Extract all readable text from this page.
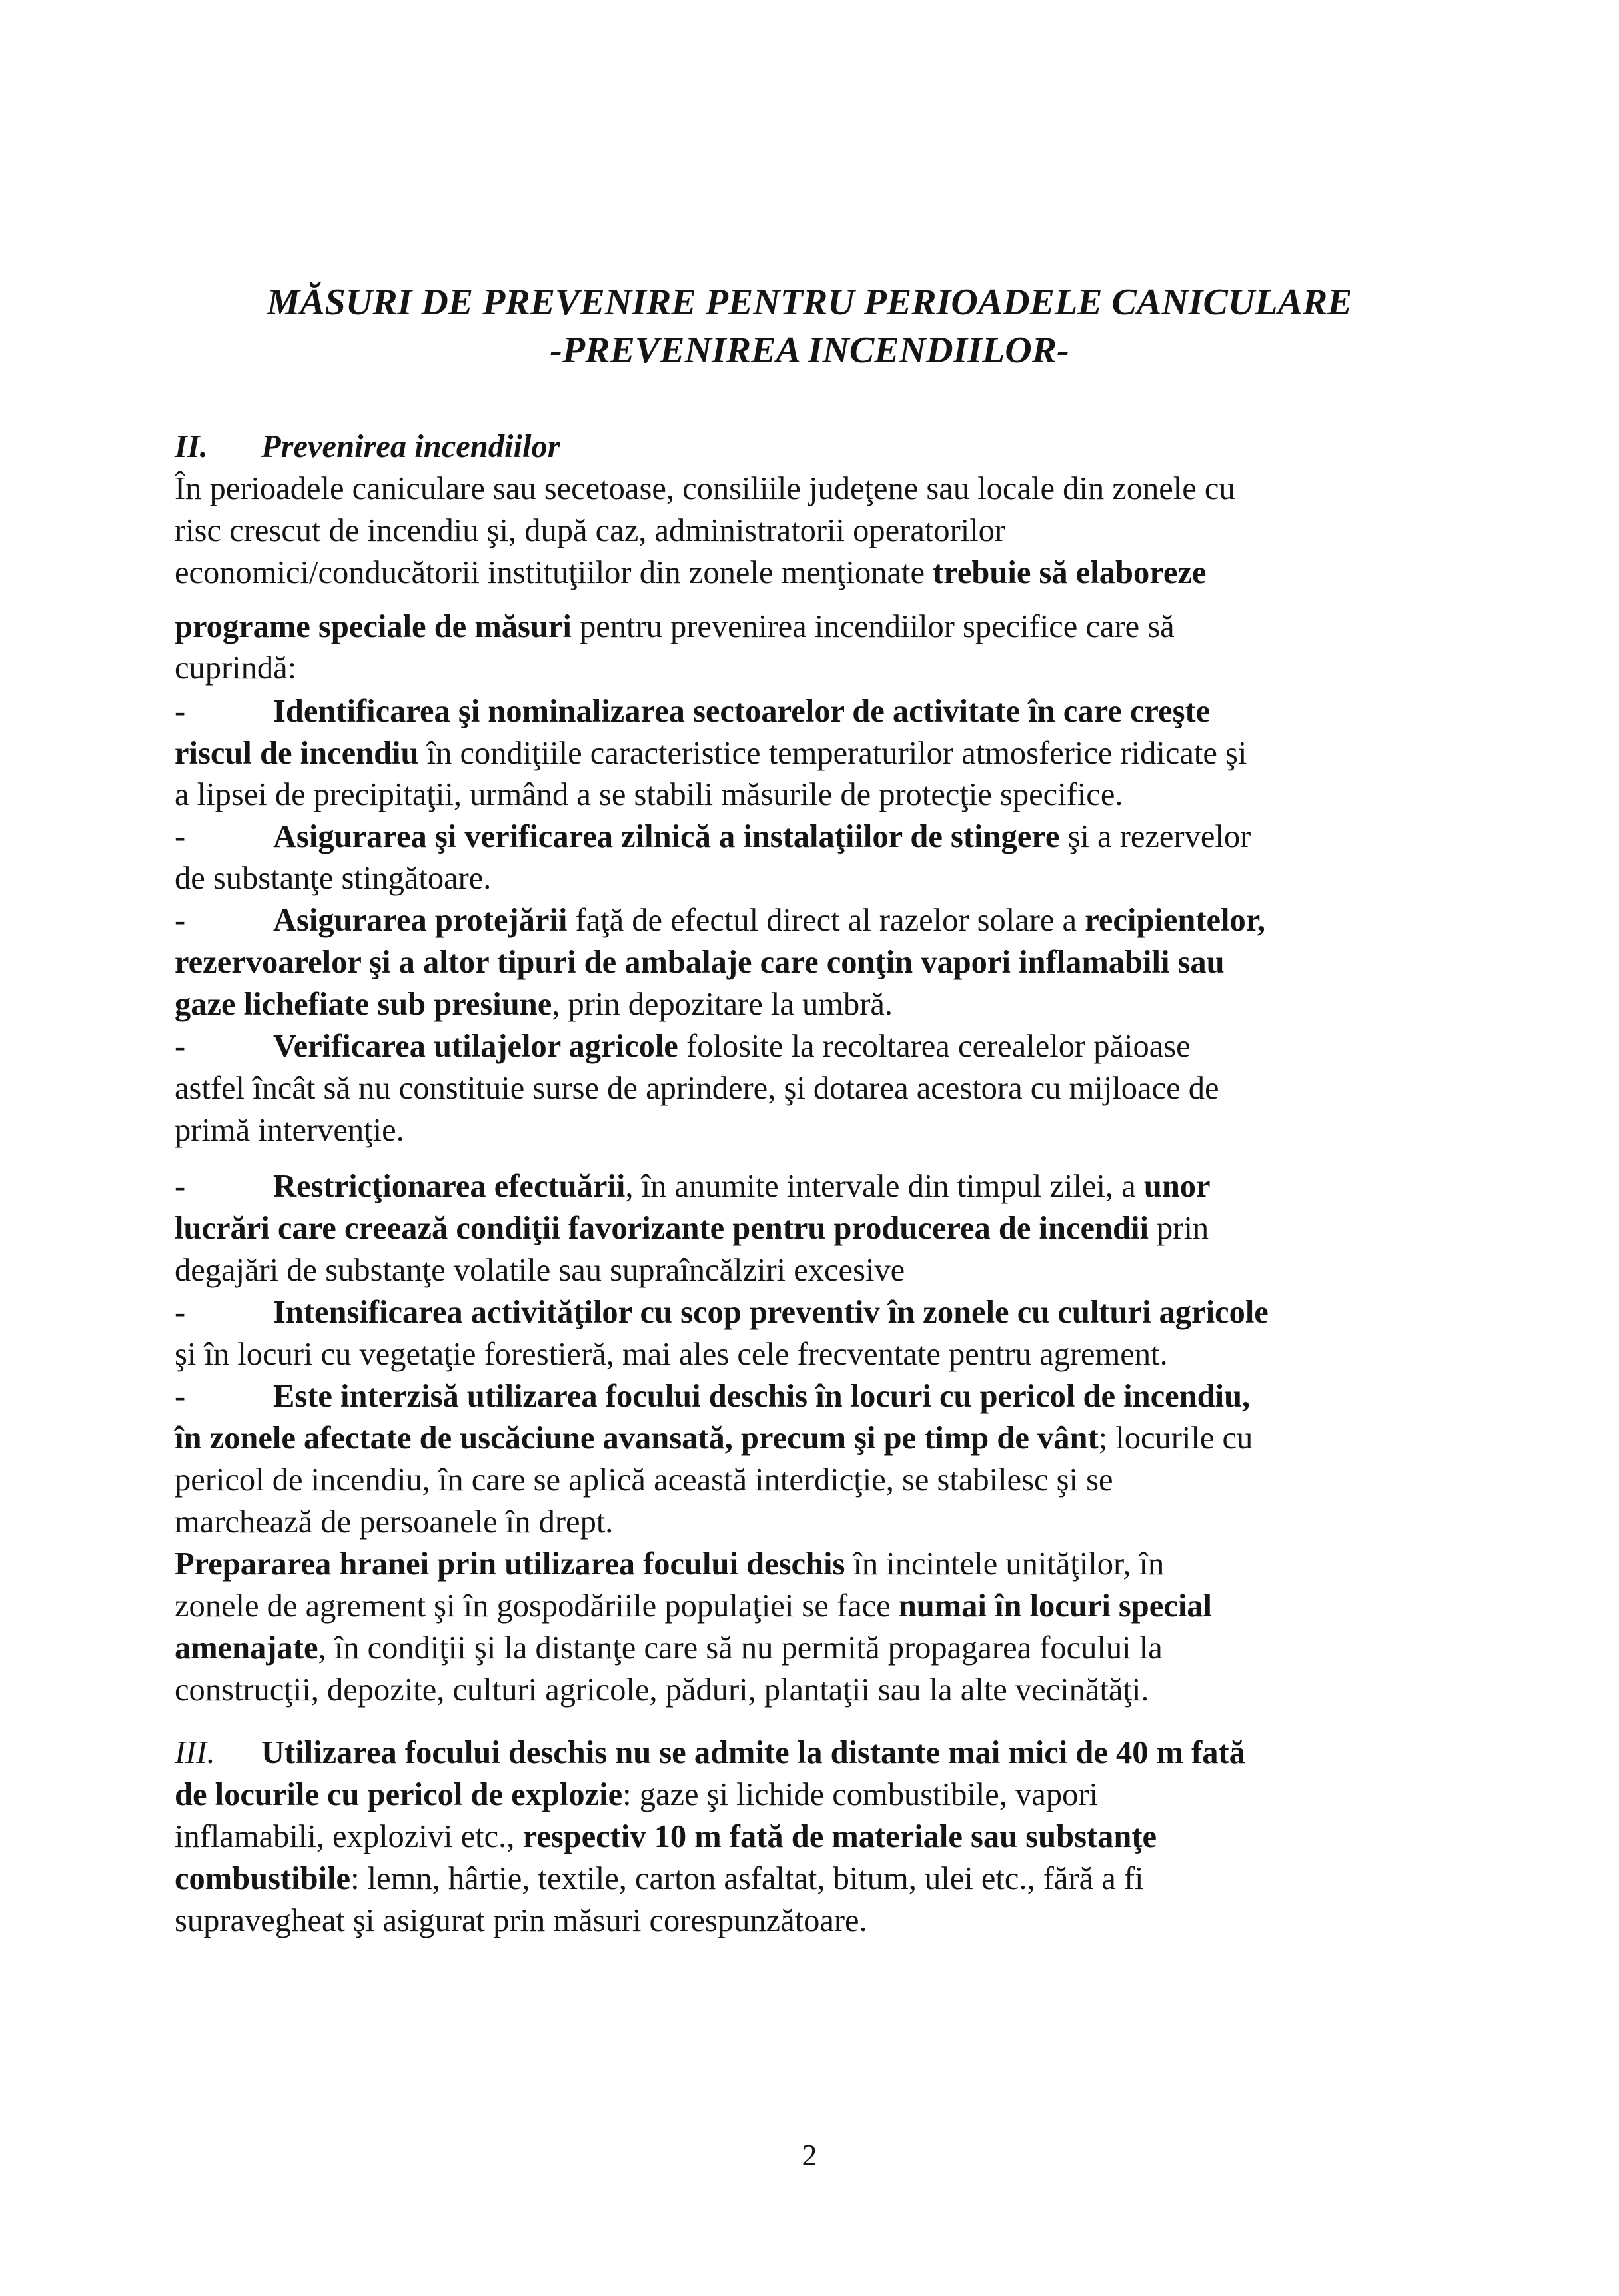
MĂSURI DE PREVENIRE PENTRU PERIOADELE CANICULARE
-PREVENIREA INCENDIILOR-
II. Prevenirea incendiilor
În perioadele caniculare sau secetoase, consiliile judeţene sau locale din zonele cu
risc crescut de incendiu şi, după caz, administratorii operatorilor
economici/conducătorii instituţiilor din zonele menţionate trebuie să elaboreze
programe speciale de măsuri pentru prevenirea incendiilor specifice care să
cuprindă:
-	Identificarea şi nominalizarea sectoarelor de activitate în care creşte
riscul de incendiu în condiţiile caracteristice temperaturilor atmosferice ridicate şi
a lipsei de precipitaţii, urmând a se stabili măsurile de protecţie specifice.
-	Asigurarea şi verificarea zilnică a instalaţiilor de stingere şi a rezervelor
de substanţe stingătoare.
-	Asigurarea protejării faţă de efectul direct al razelor solare a recipientelor,
rezervoarelor şi a altor tipuri de ambalaje care conţin vapori inflamabili sau
gaze lichefiate sub presiune, prin depozitare la umbră.
-	Verificarea utilajelor agricole folosite la recoltarea cerealelor păioase
astfel încât să nu constituie surse de aprindere, şi dotarea acestora cu mijloace de
primă intervenţie.
-	Restricţionarea efectuării, în anumite intervale din timpul zilei, a unor
lucrări care creează condiţii favorizante pentru producerea de incendii prin
degajări de substanţe volatile sau supraîncălziri excesive
-	Intensificarea activităţilor cu scop preventiv în zonele cu culturi agricole
şi în locuri cu vegetaţie forestieră, mai ales cele frecventate pentru agrement.
-	Este interzisă utilizarea focului deschis în locuri cu pericol de incendiu,
în zonele afectate de uscăciune avansată, precum şi pe timp de vânt; locurile cu
pericol de incendiu, în care se aplică această interdicţie, se stabilesc şi se
marchează de persoanele în drept.
Prepararea hranei prin utilizarea focului deschis în incintele unităţilor, în
zonele de agrement şi în gospodăriile populaţiei se face numai în locuri special
amenajate, în condiţii şi la distanţe care să nu permită propagarea focului la
construcţii, depozite, culturi agricole, păduri, plantaţii sau la alte vecinătăţi.
III. Utilizarea focului deschis nu se admite la distante mai mici de 40 m fată
de locurile cu pericol de explozie: gaze şi lichide combustibile, vapori
inflamabili, explozivi etc., respectiv 10 m fată de materiale sau substanţe
combustibile: lemn, hârtie, textile, carton asfaltat, bitum, ulei etc., fără a fi
supravegheat şi asigurat prin măsuri corespunzătoare.
2
